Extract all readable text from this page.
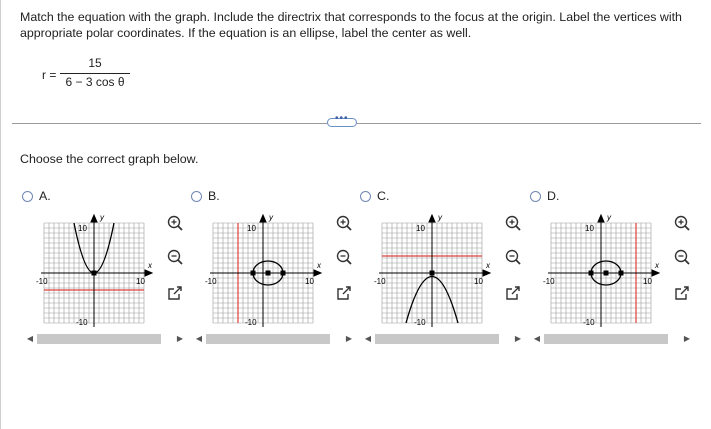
Match the equation with the graph. Include the directrix that corresponds to the focus at the origin. Label the vertices with appropriate polar coordinates. If the equation is an ellipse, label the center as well.
r =
15
6 − 3 cos θ
•••
Choose the correct graph below.
A.	B.	C.	D.
y
x
10
-10
-10	10
y
x
10
-10
-10	10
y
x
10
-10
-10	10
y
x
10
-10
-10	10
◀	▶	◀	▶	◀	▶	◀	▶
